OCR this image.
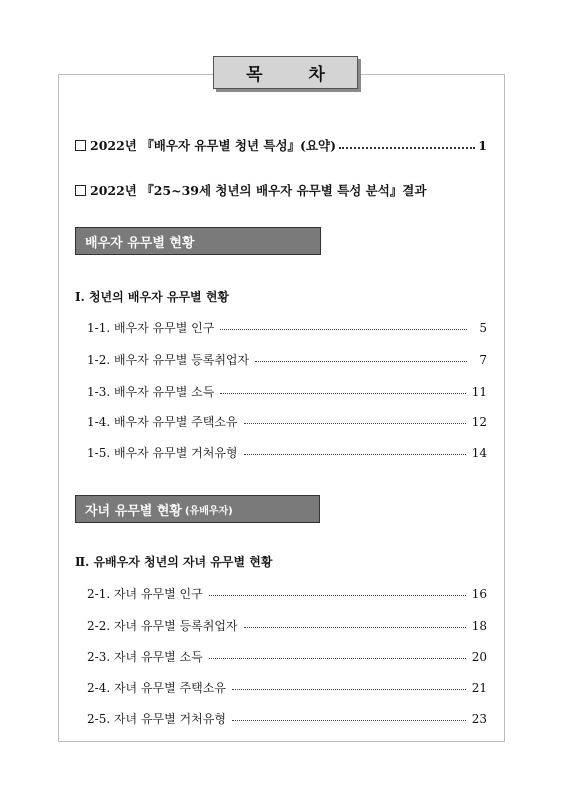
목 차
2022년 『배우자 유무별 청년 특성』(요약)	1
2022년 『25~39세 청년의 배우자 유무별 특성 분석』결과
배우자 유무별 현황
Ⅰ. 청년의 배우자 유무별 현황
1-1. 배우자 유무별 인구	5
1-2. 배우자 유무별 등록취업자	7
1-3. 배우자 유무별 소득	11
1-4. 배우자 유무별 주택소유	12
1-5. 배우자 유무별 거처유형	14
자녀 유무별 현황 (유배우자)
Ⅱ. 유배우자 청년의 자녀 유무별 현황
2-1. 자녀 유무별 인구	16
2-2. 자녀 유무별 등록취업자	18
2-3. 자녀 유무별 소득	20
2-4. 자녀 유무별 주택소유	21
2-5. 자녀 유무별 거처유형	23
